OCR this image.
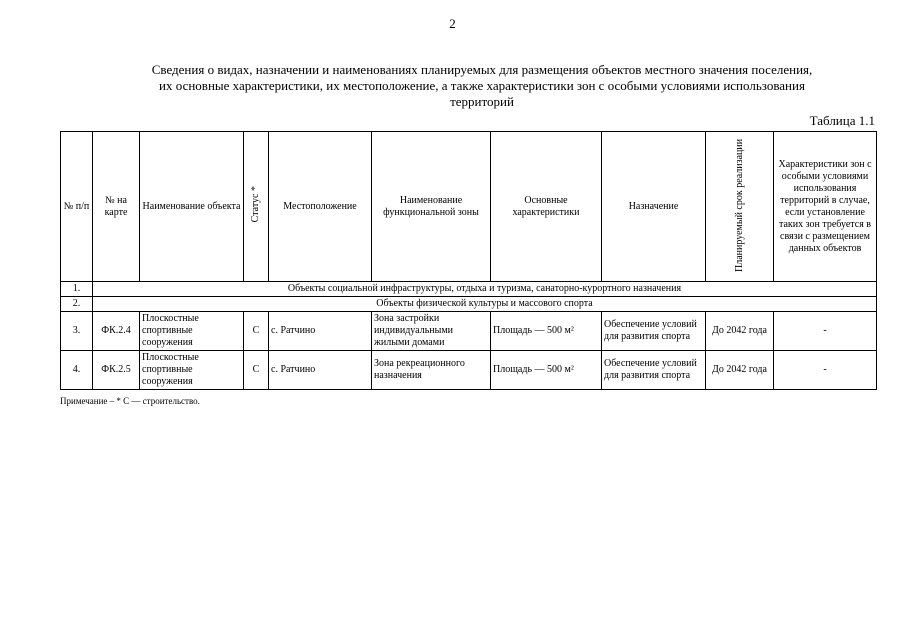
2
Сведения о видах, назначении и наименованиях планируемых для размещения объектов местного значения поселения,
их основные характеристики, их местоположение, а также характеристики зон с особыми условиями использования
территорий
Таблица 1.1
№ п/п	№ на карте	Наименование объекта	Статус *	Местоположение	Наименование функциональной зоны	Основные характеристики	Назначение	Планируемый срок реализации	Характеристики зон с особыми условиями использования территорий в случае, если установление таких зон требуется в связи с размещением данных объектов
1.	Объекты социальной инфраструктуры, отдыха и туризма, санаторно-курортного назначения								
2.	Объекты физической культуры и массового спорта								
3.	ФК.2.4	Плоскостные спортивные сооружения	С	с. Ратчино	Зона застройки индивидуальными жилыми домами	Площадь — 500 м²	Обеспечение условий для развития спорта	До 2042 года	-
4.	ФК.2.5	Плоскостные спортивные сооружения	С	с. Ратчино	Зона рекреационного назначения	Площадь — 500 м²	Обеспечение условий для развития спорта	До 2042 года	-
Примечание – * С — строительство.
